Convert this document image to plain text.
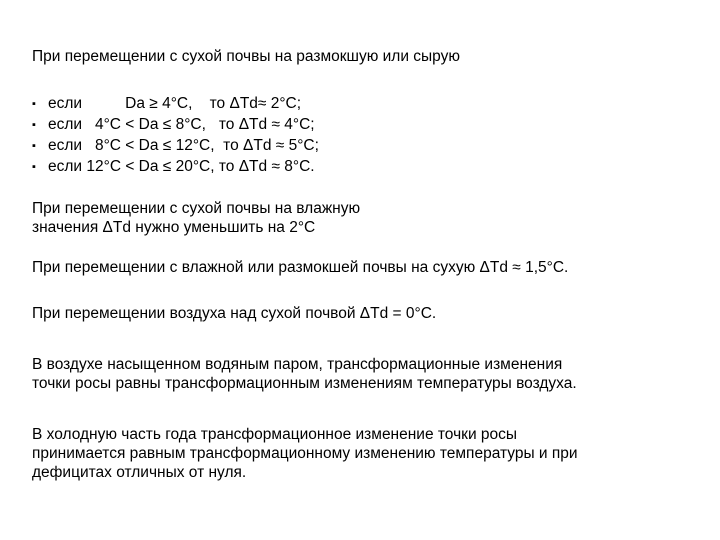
При перемещении с сухой почвы на размокшую или сырую
▪ если          Da ≥ 4°С,    то ΔTd≈ 2°С;
▪ если   4°С < Da ≤ 8°С,   то ΔTd ≈ 4°С;
▪ если   8°С < Da ≤ 12°С,  то ΔTd ≈ 5°С;
▪ если 12°С < Da ≤ 20°С, то ΔTd ≈ 8°С.
При перемещении с сухой почвы на влажную
значения ΔTd нужно уменьшить на 2°С
При перемещении с влажной или размокшей почвы на сухую ΔTd ≈ 1,5°С.
При перемещении воздуха над сухой почвой ΔTd = 0°С.
В воздухе насыщенном водяным паром, трансформационные изменения
точки росы равны трансформационным изменениям температуры воздуха.
В холодную часть года трансформационное изменение точки росы
принимается равным трансформационному изменению температуры и при
дефицитах отличных от нуля.
